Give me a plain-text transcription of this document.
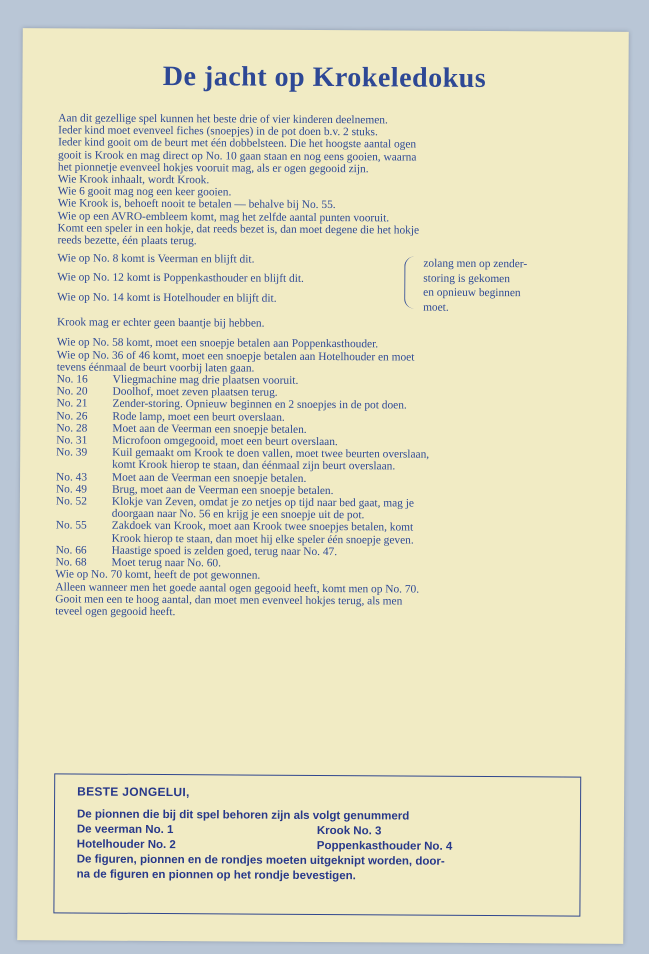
De jacht op Krokeledokus

Aan dit gezellige spel kunnen het beste drie of vier kinderen deelnemen.

Ieder kind moet evenveel fiches (snoepjes) in de pot doen b.v. 2 stuks.

Ieder kind gooit om de beurt met één dobbelsteen. Die het hoogste aantal ogen

gooit is Krook en mag direct op No. 10 gaan staan en nog eens gooien, waarna

het pionnetje evenveel hokjes vooruit mag, als er ogen gegooid zijn.

Wie Krook inhaalt, wordt Krook.

Wie 6 gooit mag nog een keer gooien.

Wie Krook is, behoeft nooit te betalen — behalve bij No. 55.

Wie op een AVRO-embleem komt, mag het zelfde aantal punten vooruit.

Komt een speler in een hokje, dat reeds bezet is, dan moet degene die het hokje

reeds bezette, één plaats terug.

Wie op No. 8 komt is Veerman en blijft dit.

Wie op No. 12 komt is Poppenkasthouder en blijft dit.

Wie op No. 14 komt is Hotelhouder en blijft dit.

zolang men op zender-
storing is gekomen
en opnieuw beginnen
moet.

Krook mag er echter geen baantje bij hebben.

Wie op No. 58 komt, moet een snoepje betalen aan Poppenkasthouder.

Wie op No. 36 of 46 komt, moet een snoepje betalen aan Hotelhouder en moet

tevens éénmaal de beurt voorbij laten gaan.

No. 16	Vliegmachine mag drie plaatsen vooruit.
No. 20	Doolhof, moet zeven plaatsen terug.
No. 21	Zender-storing. Opnieuw beginnen en 2 snoepjes in de pot doen.
No. 26	Rode lamp, moet een beurt overslaan.
No. 28	Moet aan de Veerman een snoepje betalen.
No. 31	Microfoon omgegooid, moet een beurt overslaan.
No. 39	Kuil gemaakt om Krook te doen vallen, moet twee beurten overslaan,
komt Krook hierop te staan, dan éénmaal zijn beurt overslaan.
No. 43	Moet aan de Veerman een snoepje betalen.
No. 49	Brug, moet aan de Veerman een snoepje betalen.
No. 52	Klokje van Zeven, omdat je zo netjes op tijd naar bed gaat, mag je
doorgaan naar No. 56 en krijg je een snoepje uit de pot.
No. 55	Zakdoek van Krook, moet aan Krook twee snoepjes betalen, komt
Krook hierop te staan, dan moet hij elke speler één snoepje geven.
No. 66	Haastige spoed is zelden goed, terug naar No. 47.
No. 68	Moet terug naar No. 60.

Wie op No. 70 komt, heeft de pot gewonnen.

Alleen wanneer men het goede aantal ogen gegooid heeft, komt men op No. 70.

Gooit men een te hoog aantal, dan moet men evenveel hokjes terug, als men

teveel ogen gegooid heeft.

BESTE JONGELUI,

De pionnen die bij dit spel behoren zijn als volgt genummerd

De veerman No. 1	Krook No. 3

Hotelhouder No. 2	Poppenkasthouder No. 4

De figuren, pionnen en de rondjes moeten uitgeknipt worden, door-

na de figuren en pionnen op het rondje bevestigen.
